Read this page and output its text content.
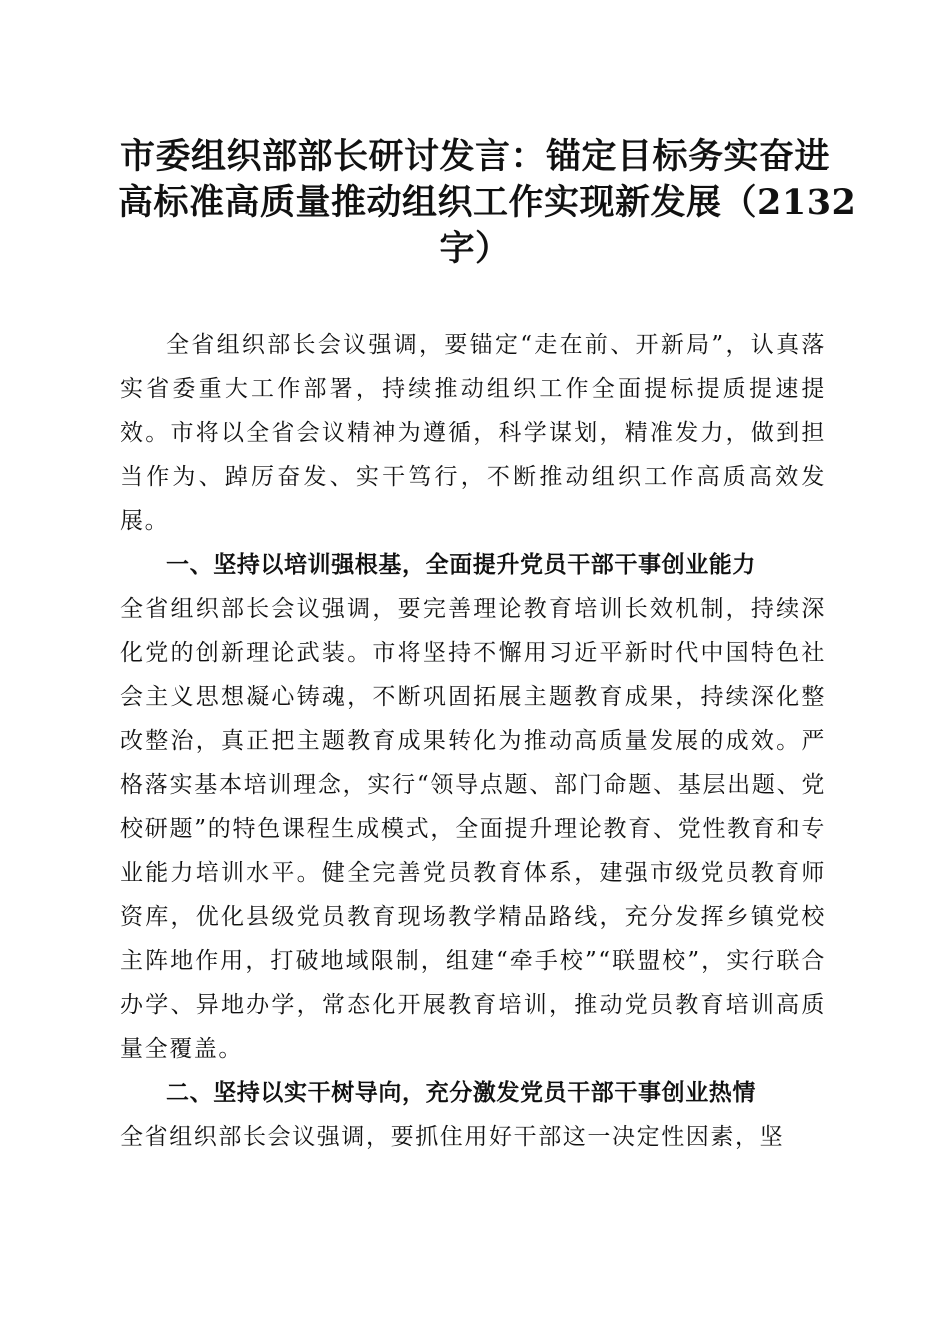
市委组织部部长研讨发言：锚定目标务实奋进
高标准高质量推动组织工作实现新发展（2132
字）

全省组织部长会议强调，要锚定“走在前、开新局”，认真落实省委重大工作部署，持续推动组织工作全面提标提质提速提效。市将以全省会议精神为遵循，科学谋划，精准发力，做到担当作为、踔厉奋发、实干笃行，不断推动组织工作高质高效发展。

一、坚持以培训强根基，全面提升党员干部干事创业能力

全省组织部长会议强调，要完善理论教育培训长效机制，持续深化党的创新理论武装。市将坚持不懈用习近平新时代中国特色社会主义思想凝心铸魂，不断巩固拓展主题教育成果，持续深化整改整治，真正把主题教育成果转化为推动高质量发展的成效。严格落实基本培训理念，实行“领导点题、部门命题、基层出题、党校研题”的特色课程生成模式，全面提升理论教育、党性教育和专业能力培训水平。健全完善党员教育体系，建强市级党员教育师资库，优化县级党员教育现场教学精品路线，充分发挥乡镇党校主阵地作用，打破地域限制，组建“牵手校”“联盟校”，实行联合办学、异地办学，常态化开展教育培训，推动党员教育培训高质量全覆盖。

二、坚持以实干树导向，充分激发党员干部干事创业热情

全省组织部长会议强调，要抓住用好干部这一决定性因素，坚
